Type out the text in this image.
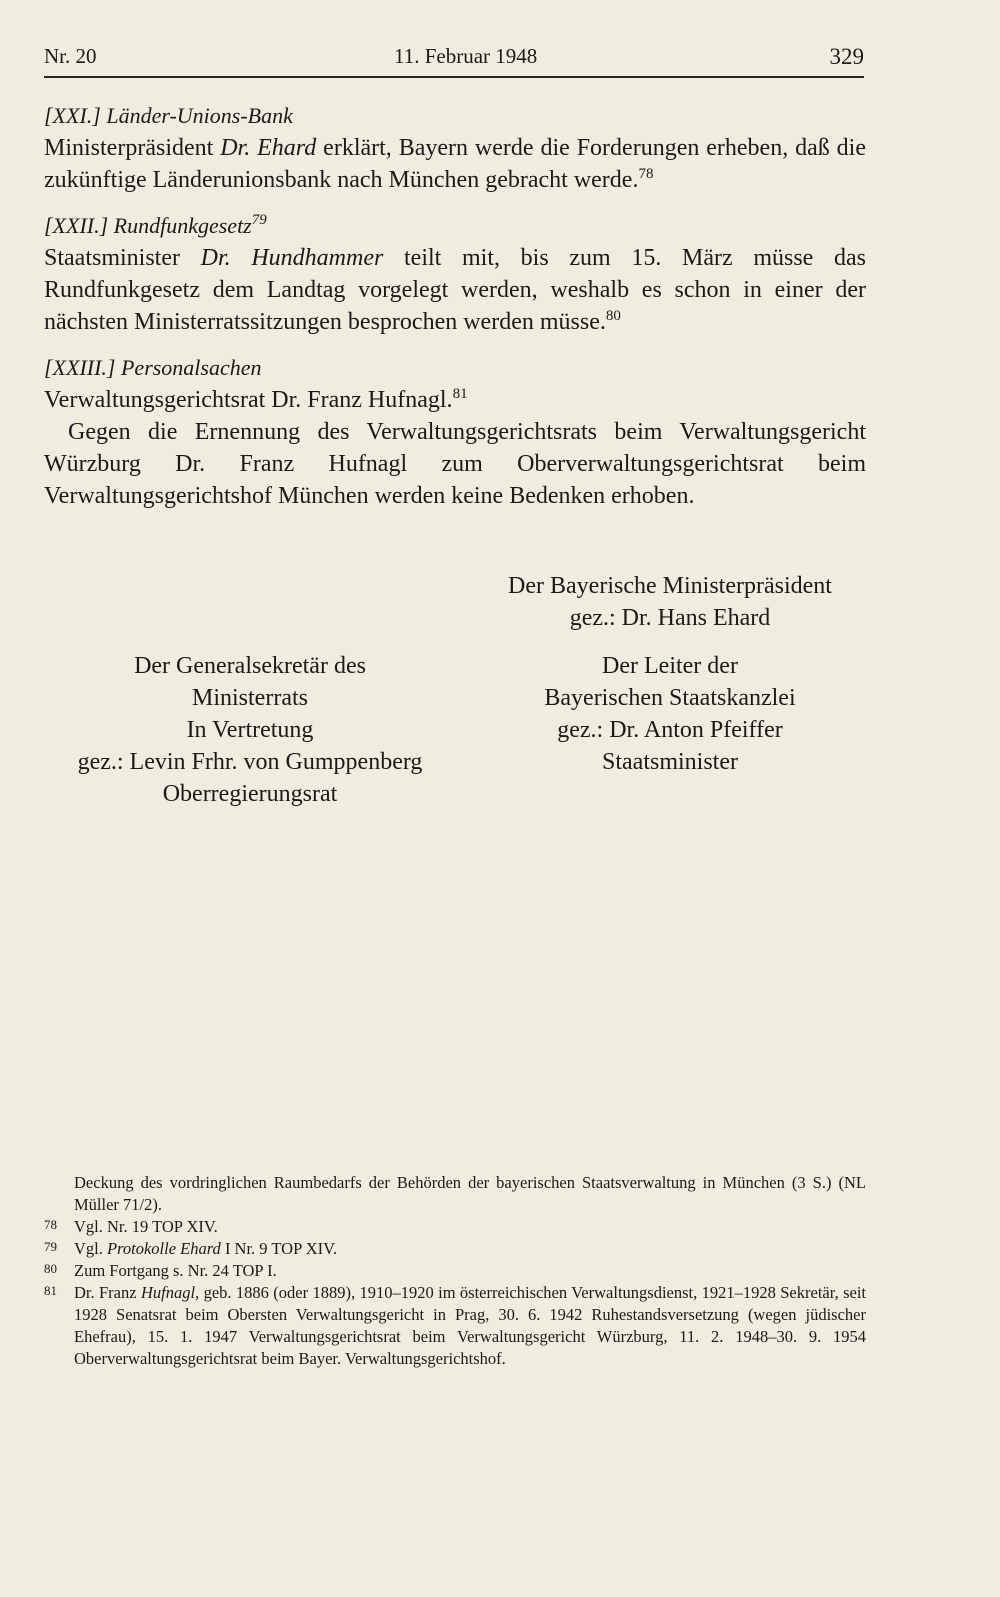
Nr. 20	11. Februar 1948	329
[XXI.] Länder-Unions-Bank

Ministerpräsident Dr. Ehard erklärt, Bayern werde die Forderungen erheben, daß die zukünftige Länderunionsbank nach München gebracht werde.$^{78}$

[XXII.] Rundfunkgesetz$^{79}$

Staatsminister Dr. Hundhammer teilt mit, bis zum 15. März müsse das Rundfunkgesetz dem Landtag vorgelegt werden, weshalb es schon in einer der nächsten Ministerratssitzungen besprochen werden müsse.$^{80}$

[XXIII.] Personalsachen
Verwaltungsgerichtsrat Dr. Franz Hufnagl.$^{81}$

Gegen die Ernennung des Verwaltungsgerichtsrats beim Verwaltungsgericht Würzburg Dr. Franz Hufnagl zum Oberverwaltungsgerichtsrat beim Verwaltungsgerichtshof München werden keine Bedenken erhoben.

Der Bayerische Ministerpräsident
gez.: Dr. Hans Ehard
Der Generalsekretär des
Ministerrats
In Vertretung
gez.: Levin Frhr. von Gumppenberg
Oberregierungsrat
Der Leiter der
Bayerischen Staatskanzlei
gez.: Dr. Anton Pfeiffer
Staatsminister
Deckung des vordringlichen Raumbedarfs der Behörden der bayerischen Staatsverwaltung in München (3 S.) (NL Müller 71/2).
78 Vgl. Nr. 19 TOP XIV.
79 Vgl. Protokolle Ehard I Nr. 9 TOP XIV.
80 Zum Fortgang s. Nr. 24 TOP I.
81 Dr. Franz Hufnagl, geb. 1886 (oder 1889), 1910–1920 im österreichischen Verwaltungsdienst, 1921–1928 Sekretär, seit 1928 Senatsrat beim Obersten Verwaltungsgericht in Prag, 30. 6. 1942 Ruhestandsversetzung (wegen jüdischer Ehefrau), 15. 1. 1947 Verwaltungsgerichtsrat beim Verwaltungsgericht Würzburg, 11. 2. 1948–30. 9. 1954 Oberverwaltungsgerichtsrat beim Bayer. Verwaltungsgerichtshof.
